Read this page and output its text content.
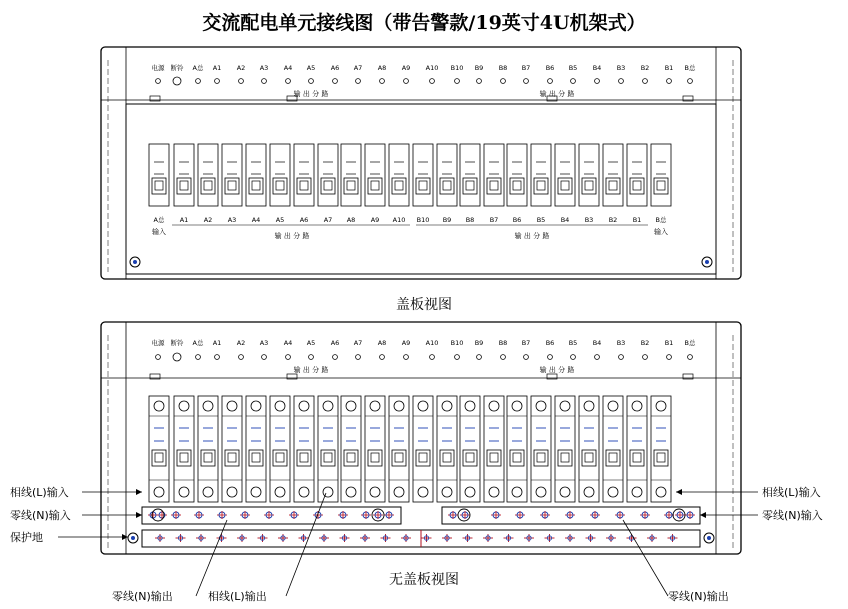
交流配电单元接线图（带告警款/19英寸4U机架式）
电源 断铃 A总 A1 A2 A3 A4 A5 A6 A7 A8 A9 A10 B10 B9 B8 B7 B6 B5 B4 B3 B2 B1 B总
A总 A1 A2 A3 A4 A5 A6 A7 A8 A9 A10 B10 B9 B8 B7 B6 B5 B4 B3 B2 B1 B总
输 出 分 路	输 出 分 路
输入	输入
输 出 分 路	输 出 分 路
电源 断铃 A总 A1 A2 A3 A4 A5 A6 A7 A8 A9 A10 B10 B9 B8 B7 B6 B5 B4 B3 B2 B1 B总
输 出 分 路	输 出 分 路
相线(L)输入
零线(N)输入
保护地
相线(L)输入
零线(N)输入
零线(N)输出	相线(L)输出	零线(N)输出
盖板视图
无盖板视图
